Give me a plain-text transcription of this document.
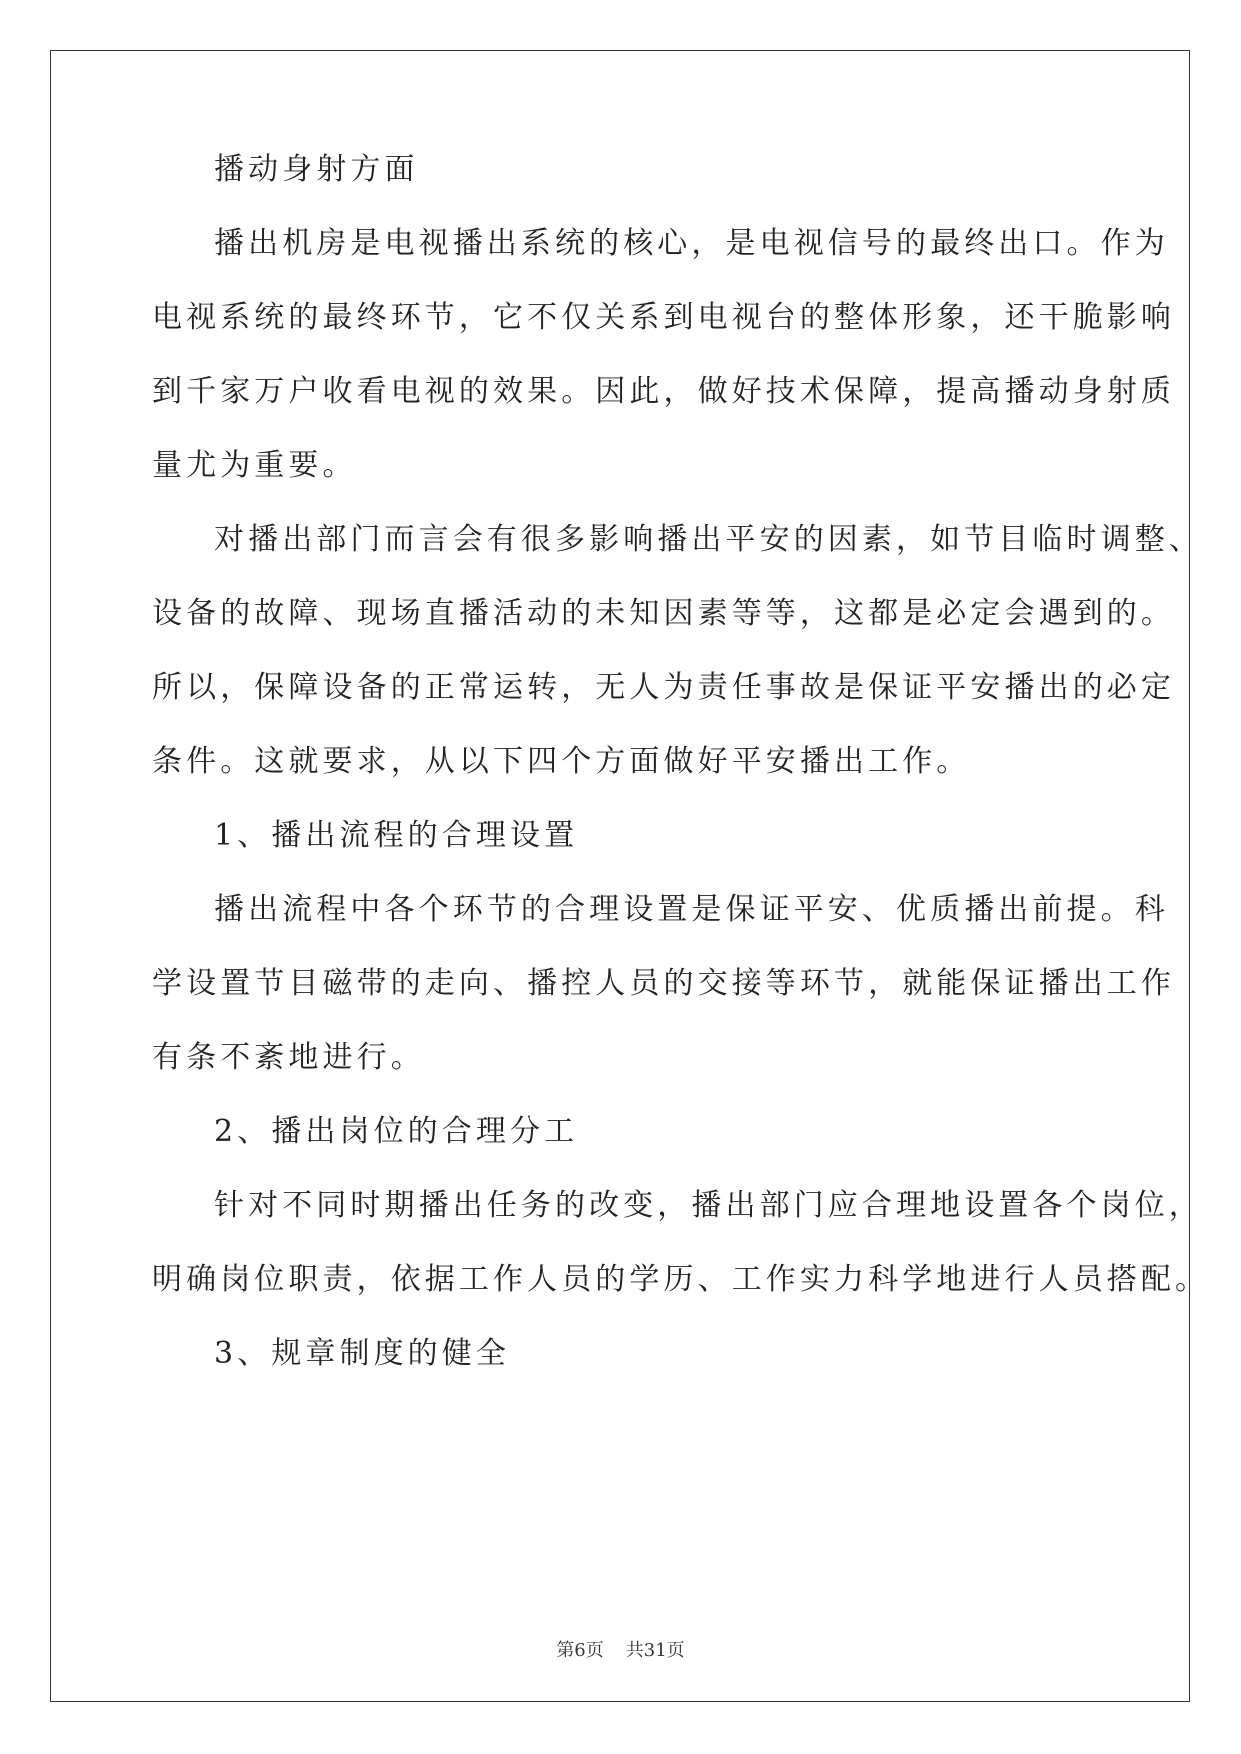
播动身射方面

播出机房是电视播出系统的核心，是电视信号的最终出口。作为

电视系统的最终环节，它不仅关系到电视台的整体形象，还干脆影响

到千家万户收看电视的效果。因此，做好技术保障，提高播动身射质

量尤为重要。

对播出部门而言会有很多影响播出平安的因素，如节目临时调整、

设备的故障、现场直播活动的未知因素等等，这都是必定会遇到的。

所以，保障设备的正常运转，无人为责任事故是保证平安播出的必定

条件。这就要求，从以下四个方面做好平安播出工作。

1、播出流程的合理设置

播出流程中各个环节的合理设置是保证平安、优质播出前提。科

学设置节目磁带的走向、播控人员的交接等环节，就能保证播出工作

有条不紊地进行。

2、播出岗位的合理分工

针对不同时期播出任务的改变，播出部门应合理地设置各个岗位，

明确岗位职责，依据工作人员的学历、工作实力科学地进行人员搭配。

3、规章制度的健全

第6页 共31页
